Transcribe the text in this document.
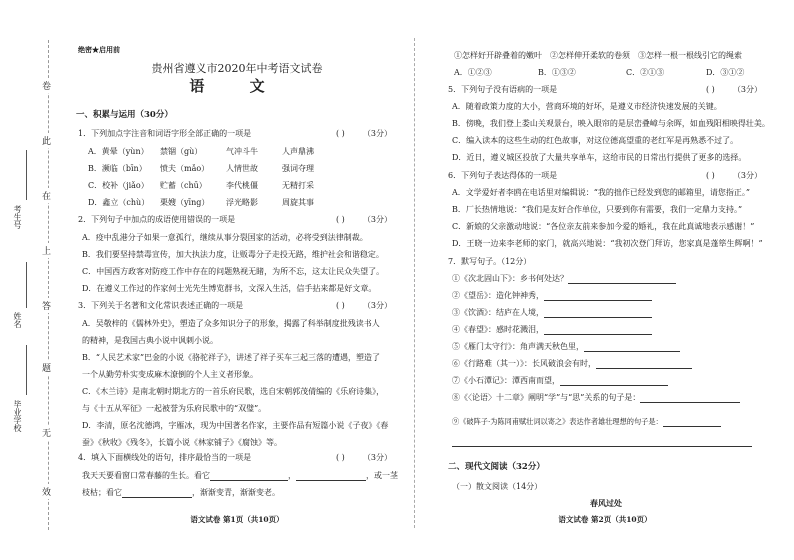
卷
此
在
上
答
题
无
效
考生号
姓名
毕业学校
绝密★启用前
贵州省遵义市2020年中考语文试卷
语 文
一、积累与运用（30分）
1．下列加点字注音和词语字形全部正确的一项是	( ) （3分）
A．黄晕（yùn） 禁锢（gù）	气冲斗牛	人声鼎沸
B．濒临（bīn） 愤夫（mǎo） 人情世故	强词夺理
C．校补（jiǎo） 贮蓄（chū） 李代桃僵	无精打采
D．鑫立（chù） 栗嫂（yīng） 浮光略影	周旋其事
2．下列句子中加点的成语使用错误的一项是	( ) （3分）
A．疫中乱港分子如果一意孤行，继续从事分裂国家的活动，必将受到法律制裁。
B．我们要坚持禁毒宣传，加大执法力度，让贩毒分子走投无路，维护社会和谐稳定。
C．中国西方政客对防疫工作中存在的问题熟视无睹，为所不忘，这太让民众失望了。
D．在遵义工作过的作家何士光先生博览群书，文深入生活，信手拈来都是好文章。
3．下列关于名著和文化常识表述正确的一项是	( ) （3分）
A．吴敬梓的《儒林外史》，塑造了众多知识分子的形象，揭露了科举制度批残读书人
的精神，是我国古典小说中讽刺小说。
B．“人民艺术家”巴金的小说《骆驼祥子》，讲述了祥子买车三起三落的遭遇，塑造了
一个从勤劳朴实变成麻木潦倒的个人主义者形象。
C．《木兰诗》是南北朝时期北方的一首乐府民歌，选自宋朝郭茂倩编的《乐府诗集》，
与《十五从军征》一起被誉为乐府民歌中的“双璧”。
D．李清，原名沈德鸿，字雁冰，现为中国著名作家，主要作品有短篇小说《子夜》《春
蚕》《秋收》《残冬》，长篇小说《林家铺子》《腐蚀》等。
4．填入下面横线处的语句，排序最恰当的一项是	( ) （3分）
我天天要看窗口常春藤的生长。看它	，	，或一茎
枝枯；看它	，渐渐变青，渐渐变老。
语文试卷 第1页（共10页）
①怎样好开辟叠着的嫩叶　②怎样伸开柔软的卷须　③怎样一根一根线引它的绳索
A．①②③	B．①③②	C．②①③	D．③①②
5．下列句子没有语病的一项是	( ) （3分）
A．随着政策力度的大小，营商环境的好坏，是遵义市经济快速发展的关键。
B．傍晚，我们登上娄山关观景台，映入眼帘的是层峦叠嶂与余晖，如血残阳相映得壮美。
C．编入读本的这些生动的红色故事，对这位德高望重的老红军是再熟悉不过了。
D．近日，遵义城区投放了大量共享单车，这给市民的日常出行提供了更多的选择。
6．下列句子表达得体的一项是	( ) （3分）
A．文学爱好者李鸥在电话里对编辑说：“我的拙作已经发到您的邮箱里，请您指正。”
B．厂长热情地说：“我们是友好合作单位，只要到你有需要，我们一定鼎力支持。”
C．新娘的父亲激动地说：“各位亲友前来参加今爱的婚礼，我在此真诚地表示感谢！”
D．王晓一边来李老师的家门，就高兴地说：“我初次登门拜访，您家真是蓬筚生辉啊！”
7．默写句子。（12分）
①《次北固山下》：乡书何处达？
②《望岳》：造化钟神秀，
③《饮酒》：结庐在人境，
④《春望》：感时花溅泪，
⑤《雁门太守行》：角声满天秋色里，
⑥《行路难（其一）》：长风破浪会有时，
⑦《小石潭记》：潭西南而望，
⑧《〈论语〉十二章》阐明“学”与“思”关系的句子是：
⑨《破阵子·为陈同甫赋壮词以寄之》表达作者雄壮理想的句子是：
二、现代文阅读（32分）
（一）散文阅读（14分）
春风过处
语文试卷 第2页（共10页）
